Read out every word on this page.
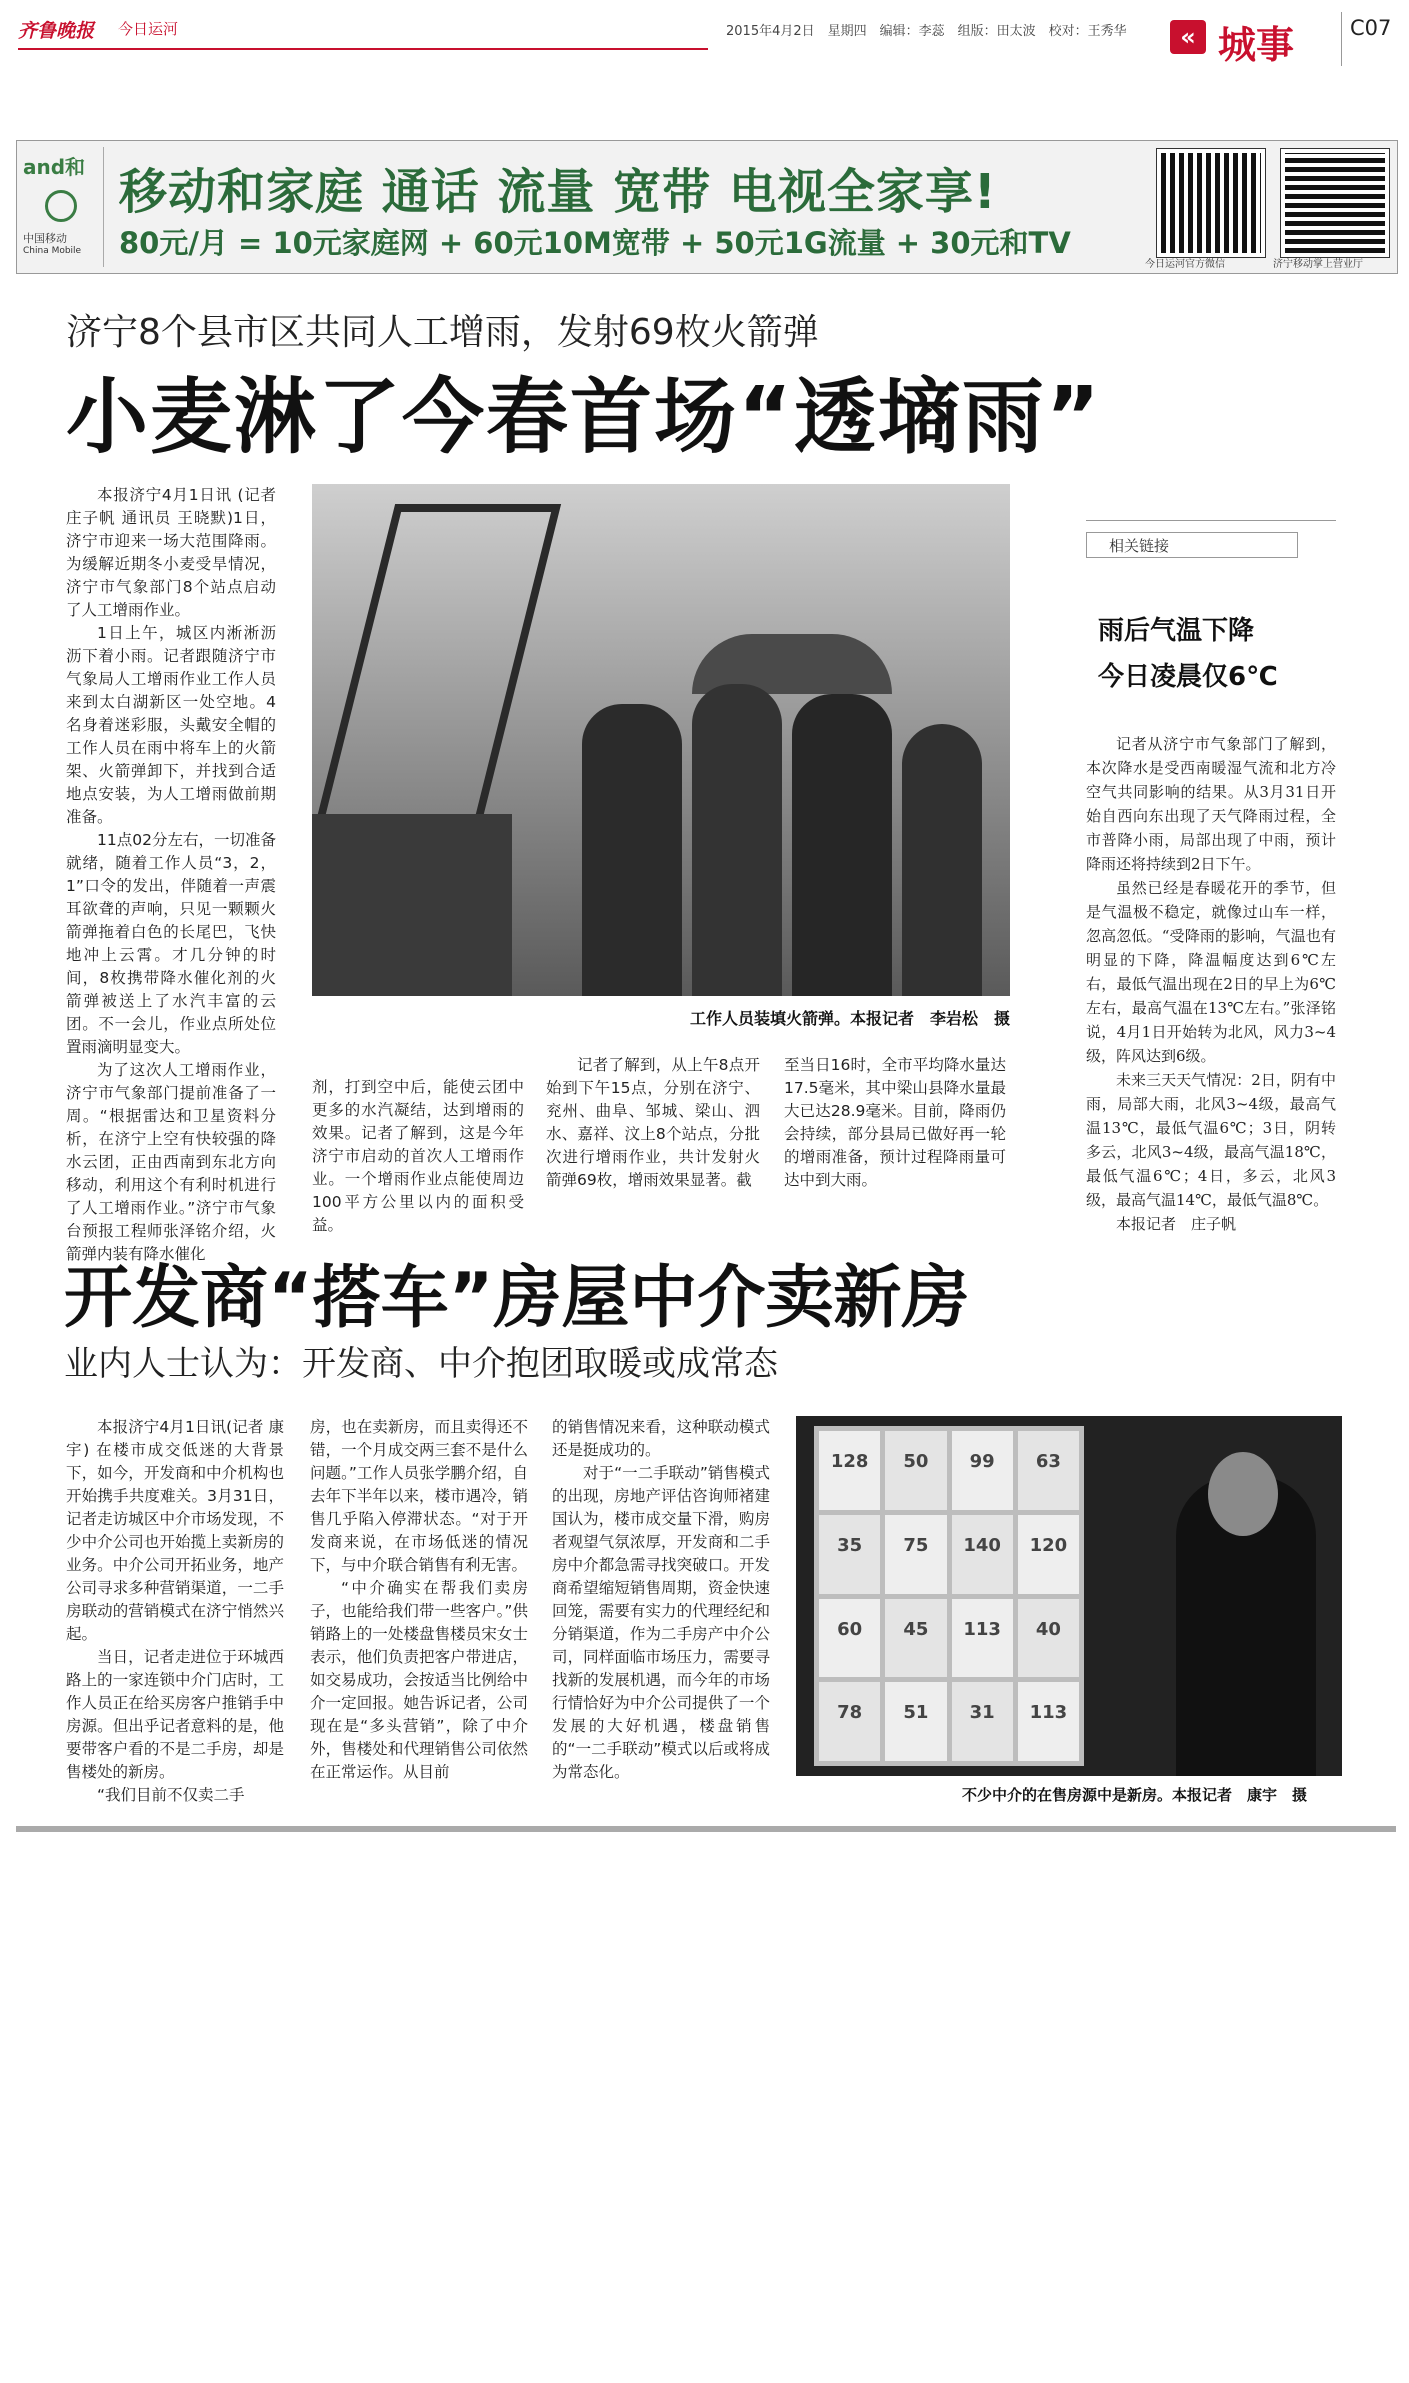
齐鲁晚报 今日运河	2015年4月2日　星期四　编辑：李蕊　组版：田太波　校对：王秀华	« 城事	C07
and和
中国移动
China Mobile
移动和家庭 通话 流量 宽带 电视全家享!
80元/月 = 10元家庭网 + 60元10M宽带 + 50元1G流量 + 30元和TV
今日运河官方微信	济宁移动掌上营业厅
济宁8个县市区共同人工增雨，发射69枚火箭弹
小麦淋了今春首场“透墒雨”

本报济宁4月1日讯 (记者 庄子帆 通讯员 王晓默)1日，济宁市迎来一场大范围降雨。为缓解近期冬小麦受旱情况，济宁市气象部门8个站点启动了人工增雨作业。

1日上午，城区内淅淅沥沥下着小雨。记者跟随济宁市气象局人工增雨作业工作人员来到太白湖新区一处空地。4名身着迷彩服，头戴安全帽的工作人员在雨中将车上的火箭架、火箭弹卸下，并找到合适地点安装，为人工增雨做前期准备。

11点02分左右，一切准备就绪，随着工作人员“3，2，1”口令的发出，伴随着一声震耳欲聋的声响，只见一颗颗火箭弹拖着白色的长尾巴，飞快地冲上云霄。才几分钟的时间，8枚携带降水催化剂的火箭弹被送上了水汽丰富的云团。不一会儿，作业点所处位置雨滴明显变大。

为了这次人工增雨作业，济宁市气象部门提前准备了一周。“根据雷达和卫星资料分析，在济宁上空有快较强的降水云团，正由西南到东北方向移动，利用这个有利时机进行了人工增雨作业。”济宁市气象台预报工程师张泽铭介绍，火箭弹内装有降水催化

工作人员装填火箭弹。本报记者　李岩松　摄

剂，打到空中后，能使云团中更多的水汽凝结，达到增雨的效果。记者了解到，这是今年济宁市启动的首次人工增雨作业。一个增雨作业点能使周边100平方公里以内的面积受益。

记者了解到，从上午8点开始到下午15点，分别在济宁、兖州、曲阜、邹城、梁山、泗水、嘉祥、汶上8个站点，分批次进行增雨作业，共计发射火箭弹69枚，增雨效果显著。截

至当日16时，全市平均降水量达17.5毫米，其中梁山县降水量最大已达28.9毫米。目前，降雨仍会持续，部分县局已做好再一轮的增雨准备，预计过程降雨量可达中到大雨。

相关链接
雨后气温下降
今日凌晨仅6℃

记者从济宁市气象部门了解到，本次降水是受西南暖湿气流和北方冷空气共同影响的结果。从3月31日开始自西向东出现了天气降雨过程，全市普降小雨，局部出现了中雨，预计降雨还将持续到2日下午。

虽然已经是春暖花开的季节，但是气温极不稳定，就像过山车一样，忽高忽低。“受降雨的影响，气温也有明显的下降，降温幅度达到6℃左右，最低气温出现在2日的早上为6℃左右，最高气温在13℃左右。”张泽铭说，4月1日开始转为北风，风力3~4级，阵风达到6级。

未来三天天气情况：2日，阴有中雨，局部大雨，北风3~4级，最高气温13℃，最低气温6℃；3日，阴转多云，北风3~4级，最高气温18℃，最低气温6℃；4日，多云，北风3级，最高气温14℃，最低气温8℃。

本报记者　庄子帆

开发商“搭车”房屋中介卖新房
业内人士认为：开发商、中介抱团取暖或成常态

本报济宁4月1日讯(记者 康宇) 在楼市成交低迷的大背景下，如今，开发商和中介机构也开始携手共度难关。3月31日，记者走访城区中介市场发现，不少中介公司也开始揽上卖新房的业务。中介公司开拓业务，地产公司寻求多种营销渠道，一二手房联动的营销模式在济宁悄然兴起。

当日，记者走进位于环城西路上的一家连锁中介门店时，工作人员正在给买房客户推销手中房源。但出乎记者意料的是，他要带客户看的不是二手房，却是售楼处的新房。

“我们目前不仅卖二手

房，也在卖新房，而且卖得还不错，一个月成交两三套不是什么问题。”工作人员张学鹏介绍，自去年下半年以来，楼市遇冷，销售几乎陷入停滞状态。“对于开发商来说，在市场低迷的情况下，与中介联合销售有利无害。

“中介确实在帮我们卖房子，也能给我们带一些客户。”供销路上的一处楼盘售楼员宋女士表示，他们负责把客户带进店，如交易成功，会按适当比例给中介一定回报。她告诉记者，公司现在是“多头营销”，除了中介外，售楼处和代理销售公司依然在正常运作。从目前

的销售情况来看，这种联动模式还是挺成功的。

对于“一二手联动”销售模式的出现，房地产评估咨询师褚建国认为，楼市成交量下滑，购房者观望气氛浓厚，开发商和二手房中介都急需寻找突破口。开发商希望缩短销售周期，资金快速回笼，需要有实力的代理经纪和分销渠道，作为二手房产中介公司，同样面临市场压力，需要寻找新的发展机遇，而今年的市场行情恰好为中介公司提供了一个发展的大好机遇，楼盘销售的“一二手联动”模式以后或将成为常态化。

128	50	99	63
35	75	140	120
60	45	113	40
78	51	31	113
不少中介的在售房源中是新房。本报记者　康宇　摄
